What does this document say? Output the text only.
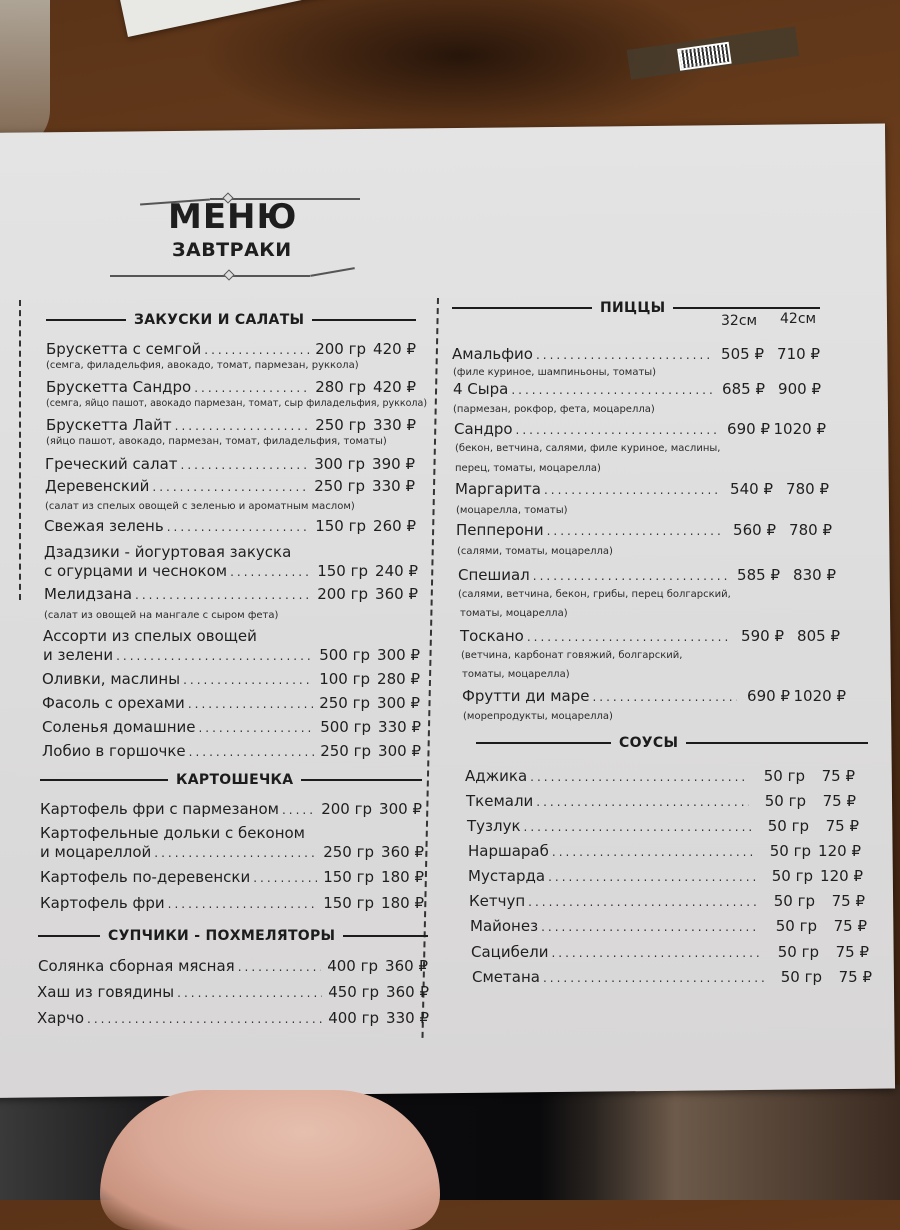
МЕНЮ
ЗАВТРАКИ
ЗАКУСКИ И САЛАТЫ
Брускетта с семгой .....	200 гр 420 ₽
(семга, филадельфия, авокадо, томат, пармезан, руккола)
Брускетта Сандро .....	280 гр 420 ₽
(семга, яйцо пашот, авокадо пармезан, томат, сыр филадельфия, руккола)
Брускетта Лайт .....	250 гр 330 ₽
(яйцо пашот, авокадо, пармезан, томат, филадельфия, томаты)
Греческий салат .....	300 гр 390 ₽
Деревенский .....	250 гр 330 ₽
(салат из спелых овощей с зеленью и ароматным маслом)
Свежая зелень .....	150 гр 260 ₽
Дзадзики - йогуртовая закуска
с огурцами и чесноком .....	150 гр 240 ₽
Мелидзана .....	200 гр 360 ₽
(салат из овощей на мангале с сыром фета)
Ассорти из спелых овощей
и зелени .....	500 гр 300 ₽
Оливки, маслины .....	100 гр 280 ₽
Фасоль с орехами .....	250 гр 300 ₽
Соленья домашние .....	500 гр 330 ₽
Лобио в горшочке .....	250 гр 300 ₽
КАРТОШЕЧКА
Картофель фри с пармезаном .....	200 гр 300 ₽
Картофельные дольки с беконом
и моцареллой .....	250 гр 360 ₽
Картофель по-деревенски .....	150 гр 180 ₽
Картофель фри .....	150 гр 180 ₽
СУПЧИКИ - ПОХМЕЛЯТОРЫ
Солянка сборная мясная .....	400 гр 360 ₽
Хаш из говядины .....	450 гр 360 ₽
Харчо .....	400 гр 330 ₽
ПИЦЦЫ
32см 42см
Амальфио .....	505 ₽ 710 ₽
(филе куриное, шампиньоны, томаты)
4 Сыра .....	685 ₽ 900 ₽
(пармезан, рокфор, фета, моцарелла)
Сандро .....	690 ₽ 1020 ₽
(бекон, ветчина, салями, филе куриное, маслины,
перец, томаты, моцарелла)
Маргарита .....	540 ₽ 780 ₽
(моцарелла, томаты)
Пепперони .....	560 ₽ 780 ₽
(салями, томаты, моцарелла)
Спешиал .....	585 ₽ 830 ₽
(салями, ветчина, бекон, грибы, перец болгарский,
томаты, моцарелла)
Тоскано .....	590 ₽ 805 ₽
(ветчина, карбонат говяжий, болгарский,
томаты, моцарелла)
Фрутти ди маре .....	690 ₽ 1020 ₽
(морепродукты, моцарелла)
СОУСЫ
Аджика .....	50 гр	75 ₽
Ткемали .....	50 гр	75 ₽
Тузлук .....	50 гр	75 ₽
Наршараб .....	50 гр 120 ₽
Мустарда .....	50 гр 120 ₽
Кетчуп .....	50 гр	75 ₽
Майонез .....	50 гр	75 ₽
Сацибели .....	50 гр	75 ₽
Сметана .....	50 гр	75 ₽
